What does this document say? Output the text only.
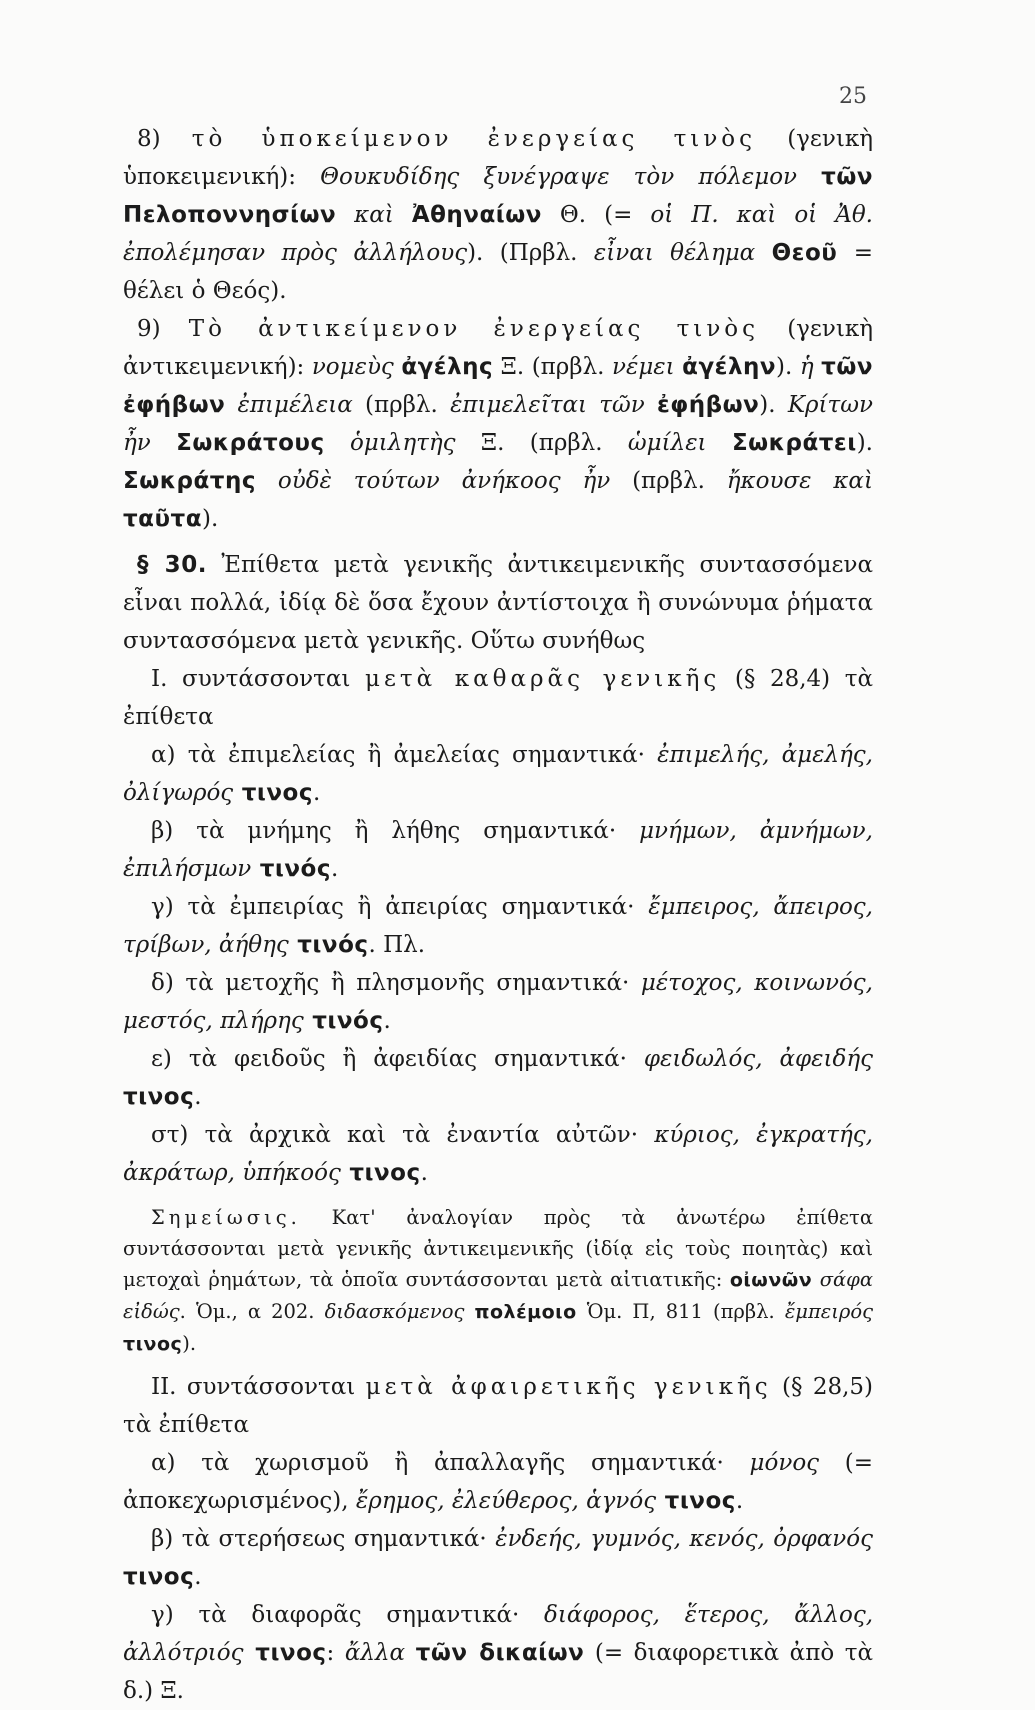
25

8) τὸ ὑποκείμενον ἐνεργείας τινὸς (γενικὴ ὑποκειμενική): Θουκυδίδης ξυνέγραψε τὸν πόλεμον τῶν Πελοποννησίων καὶ Ἀθηναίων Θ. (= οἱ Π. καὶ οἱ Ἀθ. ἐπολέμησαν πρὸς ἀλλήλους). (Πρβλ. εἶναι θέλημα Θεοῦ = θέλει ὁ Θεός).

9) Τὸ ἀντικείμενον ἐνεργείας τινὸς (γενικὴ ἀντικειμενική): νομεὺς ἀγέλης Ξ. (πρβλ. νέμει ἀγέλην). ἡ τῶν ἐφήβων ἐπιμέλεια (πρβλ. ἐπιμελεῖται τῶν ἐφήβων). Κρίτων ἦν Σωκράτους ὁμιλητὴς Ξ. (πρβλ. ὡμίλει Σωκράτει). Σωκράτης οὐδὲ τούτων ἀνήκοος ἦν (πρβλ. ἤκουσε καὶ ταῦτα).

§ 30. Ἐπίθετα μετὰ γενικῆς ἀντικειμενικῆς συντασσόμενα εἶναι πολλά, ἰδίᾳ δὲ ὅσα ἔχουν ἀντίστοιχα ἢ συνώνυμα ῥήματα συντασσόμενα μετὰ γενικῆς. Οὕτω συνήθως

I. συντάσσονται μετὰ καθαρᾶς γενικῆς (§ 28,4) τὰ ἐπίθετα

α) τὰ ἐπιμελείας ἢ ἀμελείας σημαντικά· ἐπιμελής, ἀμελής, ὀλίγωρός τινος.

β) τὰ μνήμης ἢ λήθης σημαντικά· μνήμων, ἀμνήμων, ἐπιλήσμων τινός.

γ) τὰ ἐμπειρίας ἢ ἀπειρίας σημαντικά· ἔμπειρος, ἄπειρος, τρίβων, ἀήθης τινός. Πλ.

δ) τὰ μετοχῆς ἢ πλησμονῆς σημαντικά· μέτοχος, κοινωνός, μεστός, πλήρης τινός.

ε) τὰ φειδοῦς ἢ ἀφειδίας σημαντικά· φειδωλός, ἀφειδής τινος.

στ) τὰ ἀρχικὰ καὶ τὰ ἐναντία αὐτῶν· κύριος, ἐγκρατής, ἀκράτωρ, ὑπήκοός τινος.

Σημείωσις. Κατ' ἀναλογίαν πρὸς τὰ ἀνωτέρω ἐπίθετα συντάσσονται μετὰ γενικῆς ἀντικειμενικῆς (ἰδίᾳ εἰς τοὺς ποιητὰς) καὶ μετοχαὶ ῥημάτων, τὰ ὁποῖα συντάσσονται μετὰ αἰτιατικῆς: οἰωνῶν σάφα εἰδώς. Ὁμ., α 202. διδασκόμενος πολέμοιο Ὁμ. Π, 811 (πρβλ. ἔμπειρός τινος).

II. συντάσσονται μετὰ ἀφαιρετικῆς γενικῆς (§ 28,5) τὰ ἐπίθετα

α) τὰ χωρισμοῦ ἢ ἀπαλλαγῆς σημαντικά· μόνος (= ἀποκεχωρισμένος), ἔρημος, ἐλεύθερος, ἁγνός τινος.

β) τὰ στερήσεως σημαντικά· ἐνδεής, γυμνός, κενός, ὀρφανός τινος.

γ) τὰ διαφορᾶς σημαντικά· διάφορος, ἕτερος, ἄλλος, ἀλλότριός τινος: ἄλλα τῶν δικαίων (= διαφορετικὰ ἀπὸ τὰ δ.) Ξ.
